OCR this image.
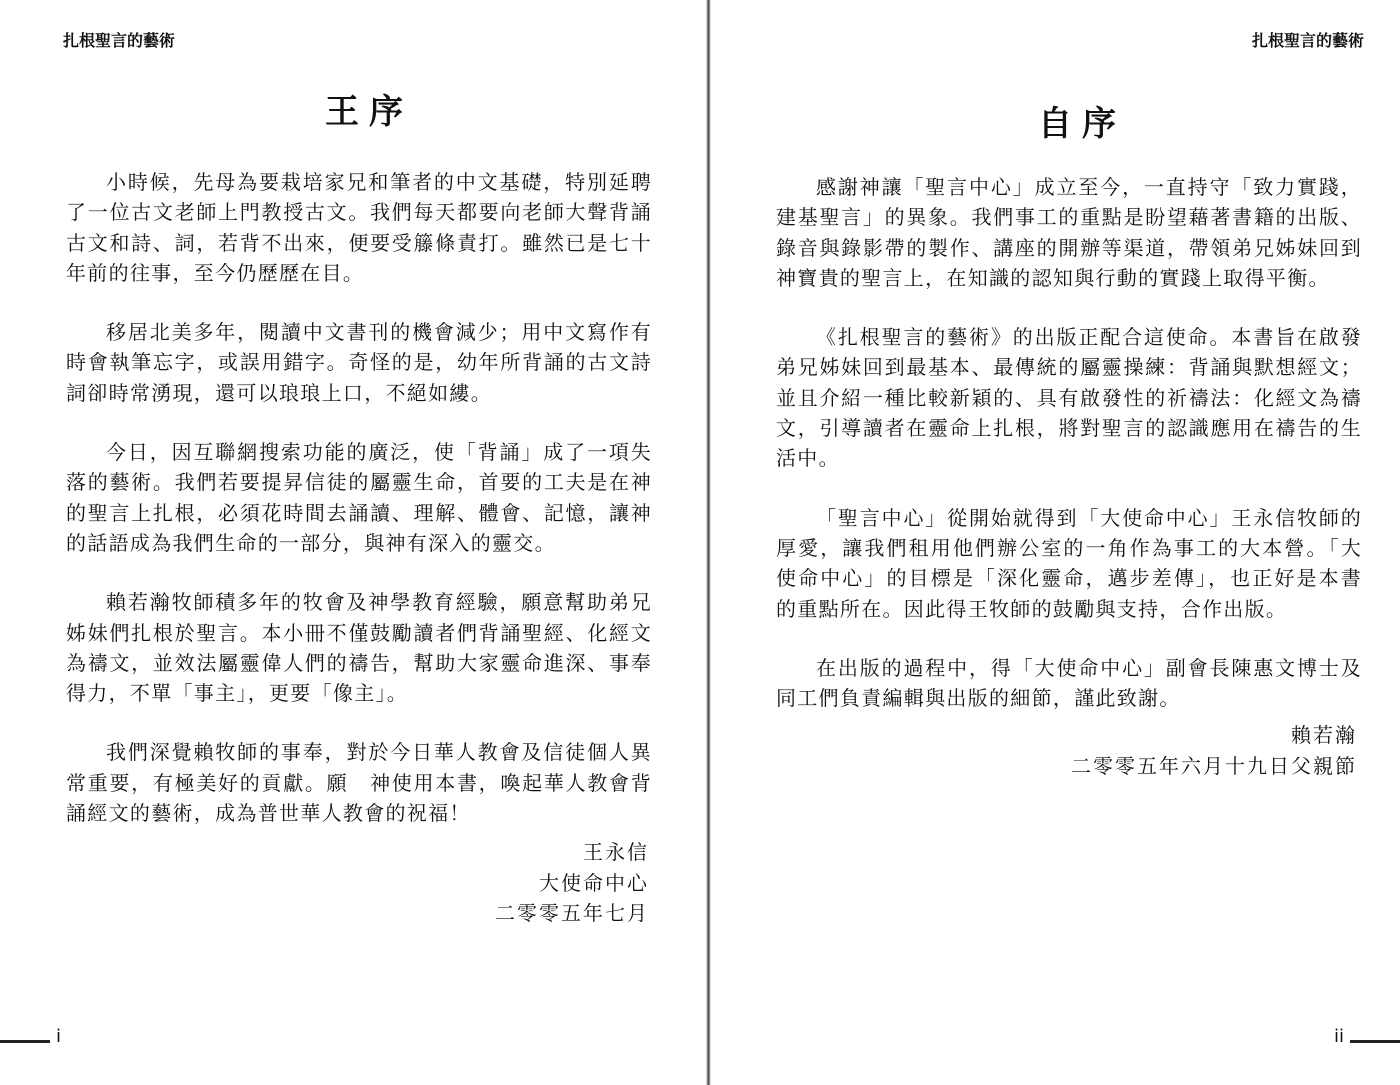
扎根聖言的藝術
王序

小時候，先母為要栽培家兄和筆者的中文基礎，特別延聘了一位古文老師上門教授古文。我們每天都要向老師大聲背誦古文和詩、詞，若背不出來，便要受籐條責打。雖然已是七十年前的往事，至今仍歷歷在目。

移居北美多年，閱讀中文書刊的機會減少；用中文寫作有時會執筆忘字，或誤用錯字。奇怪的是，幼年所背誦的古文詩詞卻時常湧現，還可以琅琅上口，不絕如縷。

今日，因互聯網搜索功能的廣泛，使「背誦」成了一項失落的藝術。我們若要提昇信徒的屬靈生命，首要的工夫是在神的聖言上扎根，必須花時間去誦讀、理解、體會、記憶，讓神的話語成為我們生命的一部分，與神有深入的靈交。

賴若瀚牧師積多年的牧會及神學教育經驗，願意幫助弟兄姊妹們扎根於聖言。本小冊不僅鼓勵讀者們背誦聖經、化經文為禱文，並效法屬靈偉人們的禱告，幫助大家靈命進深、事奉得力，不單「事主」，更要「像主」。

我們深覺賴牧師的事奉，對於今日華人教會及信徒個人異常重要，有極美好的貢獻。願　神使用本書，喚起華人教會背誦經文的藝術，成為普世華人教會的祝福！

王永信
大使命中心
二零零五年七月
i
扎根聖言的藝術
自序

感謝神讓「聖言中心」成立至今，一直持守「致力實踐，建基聖言」的異象。我們事工的重點是盼望藉著書籍的出版、錄音與錄影帶的製作、講座的開辦等渠道，帶領弟兄姊妹回到　神寶貴的聖言上，在知識的認知與行動的實踐上取得平衡。

《扎根聖言的藝術》的出版正配合這使命。本書旨在啟發弟兄姊妹回到最基本、最傳統的屬靈操練：背誦與默想經文；並且介紹一種比較新穎的、具有啟發性的祈禱法：化經文為禱文，引導讀者在靈命上扎根，將對聖言的認識應用在禱告的生活中。

「聖言中心」從開始就得到「大使命中心」王永信牧師的厚愛，讓我們租用他們辦公室的一角作為事工的大本營。「大使命中心」的目標是「深化靈命，邁步差傳」，也正好是本書的重點所在。因此得王牧師的鼓勵與支持，合作出版。

在出版的過程中，得「大使命中心」副會長陳惠文博士及同工們負責編輯與出版的細節，謹此致謝。

賴若瀚
二零零五年六月十九日父親節
ii
